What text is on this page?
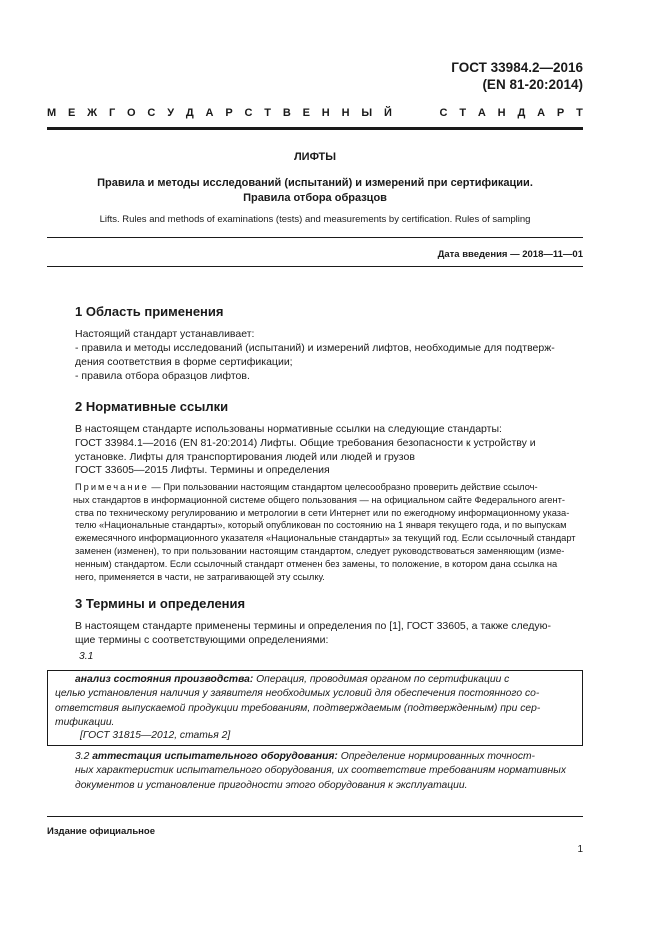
ГОСТ 33984.2—2016
(EN 81-20:2014)
М Е Ж Г О С У Д А Р С Т В Е Н Н Ы Й	С Т А Н Д А Р Т
ЛИФТЫ
Правила и методы исследований (испытаний) и измерений при сертификации.
Правила отбора образцов
Lifts. Rules and methods of examinations (tests) and measurements by certification. Rules of sampling
Дата введения — 2018—11—01
1 Область применения
Настоящий стандарт устанавливает:
- правила и методы исследований (испытаний) и измерений лифтов, необходимые для подтверж-
дения соответствия в форме сертификации;
- правила отбора образцов лифтов.
2 Нормативные ссылки
В настоящем стандарте использованы нормативные ссылки на следующие стандарты:
ГОСТ 33984.1—2016 (EN 81-20:2014) Лифты. Общие требования безопасности к устройству и
установке. Лифты для транспортирования людей или людей и грузов
ГОСТ 33605—2015 Лифты. Термины и определения
Примечание — При пользовании настоящим стандартом целесообразно проверить действие ссылоч-
ных стандартов в информационной системе общего пользования — на официальном сайте Федерального агент-
ства по техническому регулированию и метрологии в сети Интернет или по ежегодному информационному указа-
телю «Национальные стандарты», который опубликован по состоянию на 1 января текущего года, и по выпускам
ежемесячного информационного указателя «Национальные стандарты» за текущий год. Если ссылочный стандарт
заменен (изменен), то при пользовании настоящим стандартом, следует руководствоваться заменяющим (изме-
ненным) стандартом. Если ссылочный стандарт отменен без замены, то положение, в котором дана ссылка на
него, применяется в части, не затрагивающей эту ссылку.
3 Термины и определения
В настоящем стандарте применены термины и определения по [1], ГОСТ 33605, а также следую-
щие термины с соответствующими определениями:
3.1
анализ состояния производства: Операция, проводимая органом по сертификации с
целью установления наличия у заявителя необходимых условий для обеспечения постоянного со-
ответствия выпускаемой продукции требованиям, подтверждаемым (подтвержденным) при сер-
тификации.
[ГОСТ 31815—2012, статья 2]
3.2 аттестация испытательного оборудования: Определение нормированных точност-
ных характеристик испытательного оборудования, их соответствие требованиям нормативных
документов и установление пригодности этого оборудования к эксплуатации.
Издание официальное
1
